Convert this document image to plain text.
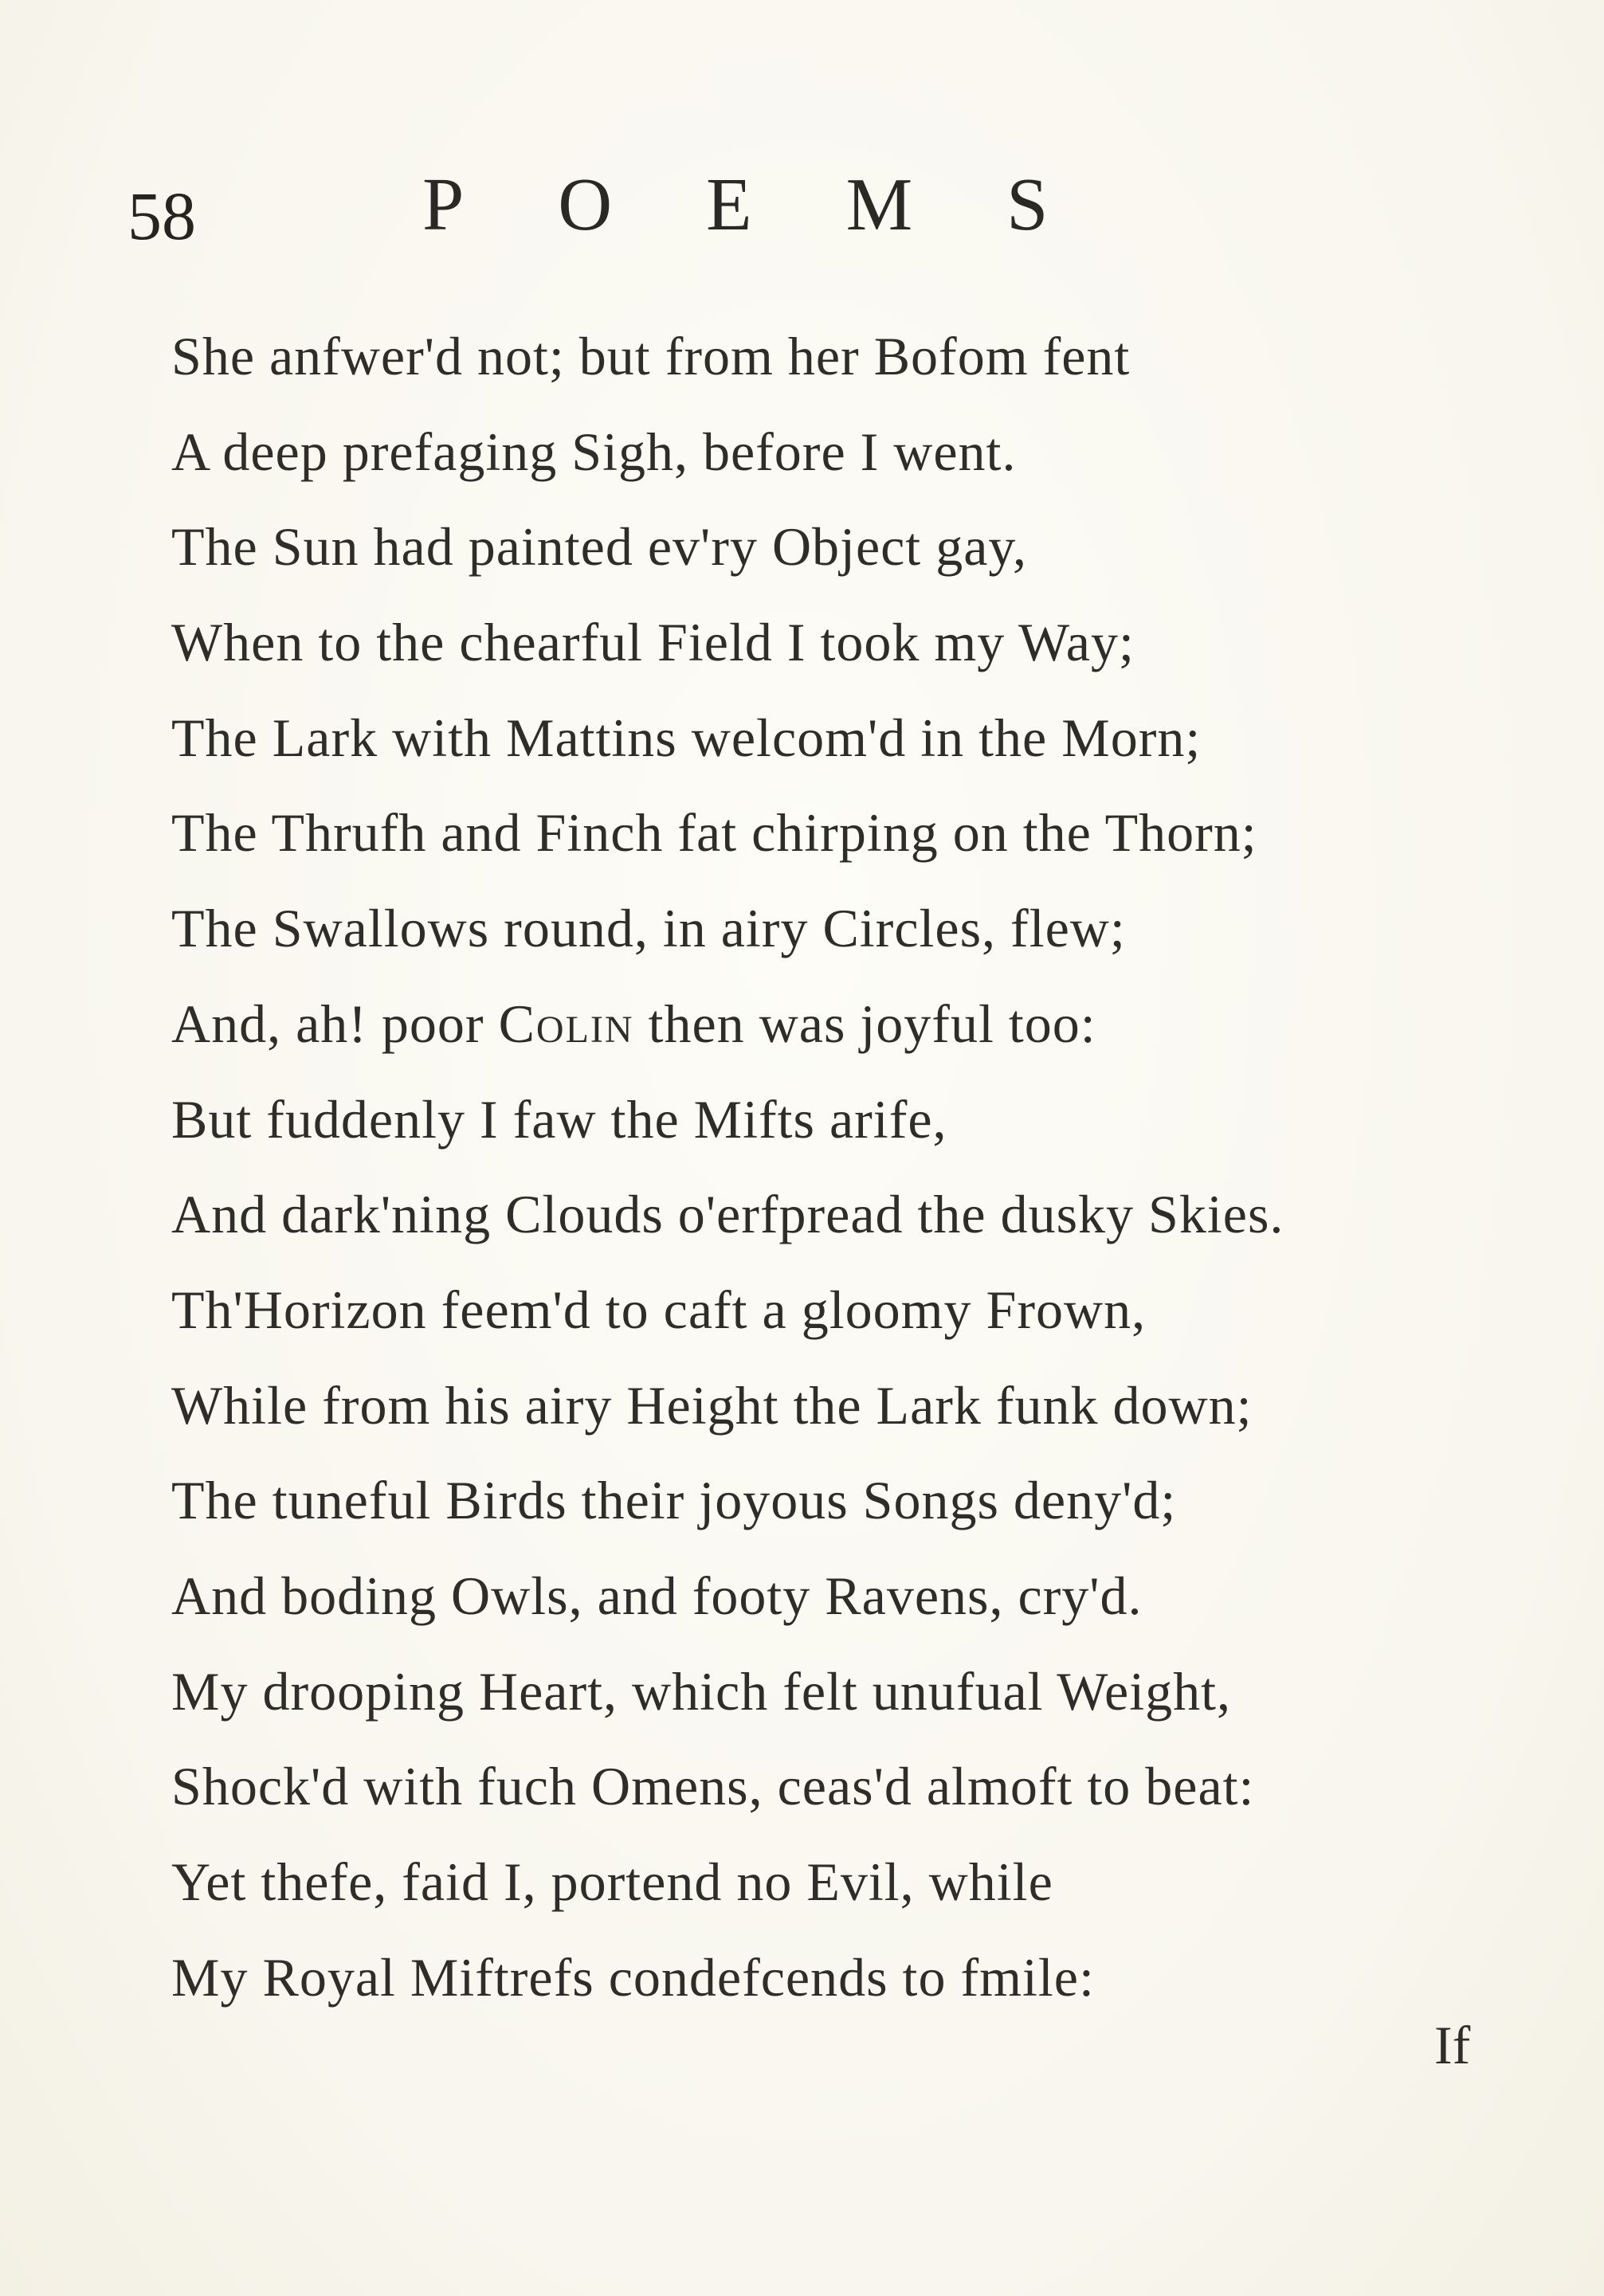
58	POEMS
She anfwer'd not; but from her Bofom fent
A deep prefaging Sigh, before I went.
The Sun had painted ev'ry Object gay,
When to the chearful Field I took my Way;
The Lark with Mattins welcom'd in the Morn;
The Thrufh and Finch fat chirping on the Thorn;
The Swallows round, in airy Circles, flew;
And, ah! poor Colin then was joyful too:
But fuddenly I faw the Mifts arife,
And dark'ning Clouds o'erfpread the dusky Skies.
Th'Horizon feem'd to caft a gloomy Frown,
While from his airy Height the Lark funk down;
The tuneful Birds their joyous Songs deny'd;
And boding Owls, and footy Ravens, cry'd.
My drooping Heart, which felt unufual Weight,
Shock'd with fuch Omens, ceas'd almoft to beat:
Yet thefe, faid I, portend no Evil, while
My Royal Miftrefs condefcends to fmile:
If
